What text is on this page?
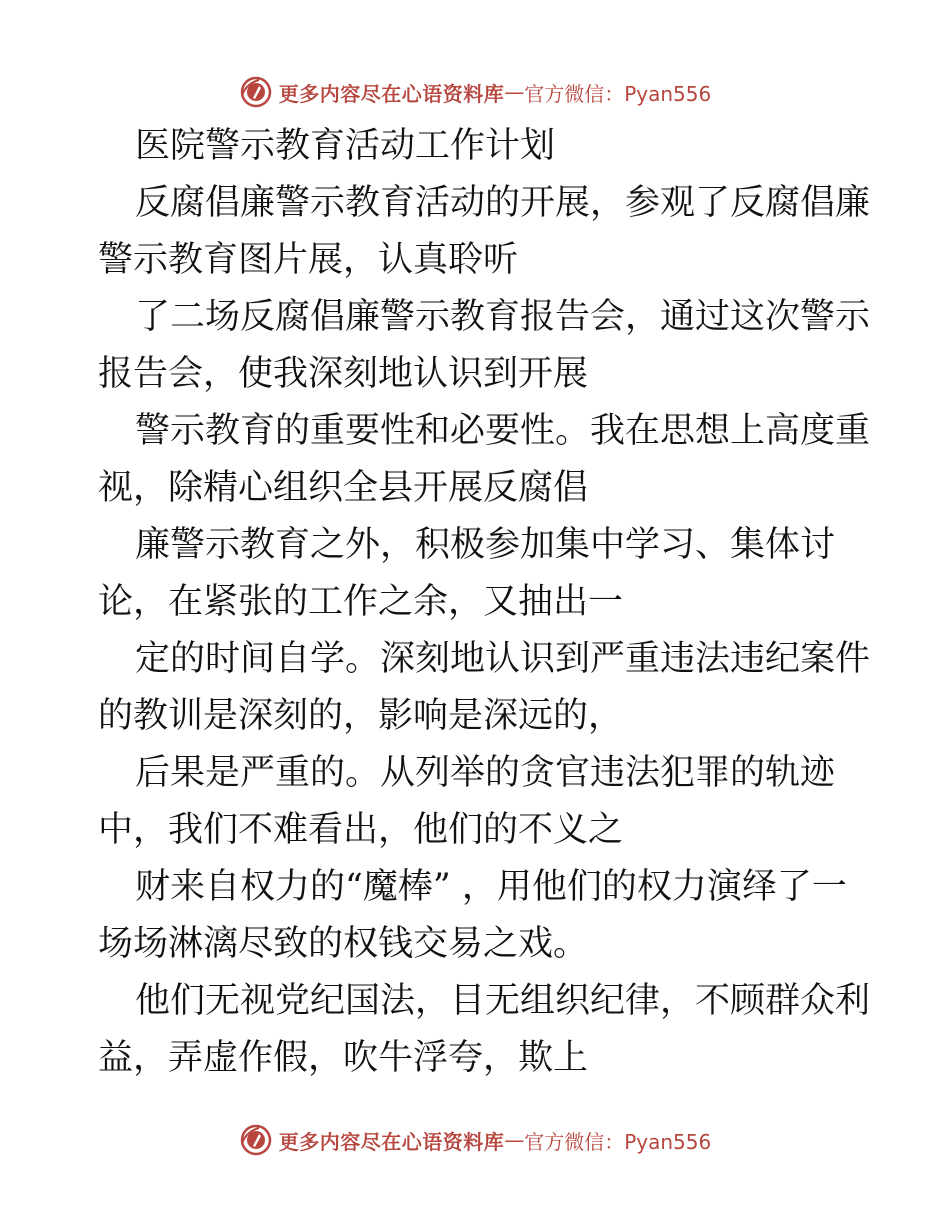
更多内容尽在心语资料库 — 官方微信：Pyan556
医院警示教育活动工作计划
反腐倡廉警示教育活动的开展，参观了反腐倡廉
警示教育图片展，认真聆听
了二场反腐倡廉警示教育报告会，通过这次警示
报告会，使我深刻地认识到开展
警示教育的重要性和必要性。我在思想上高度重
视，除精心组织全县开展反腐倡
廉警示教育之外，积极参加集中学习、集体讨
论，在紧张的工作之余，又抽出一
定的时间自学。深刻地认识到严重违法违纪案件
的教训是深刻的，影响是深远的，
后果是严重的。从列举的贪官违法犯罪的轨迹
中，我们不难看出，他们的不义之
财来自权力的“魔棒” ，用他们的权力演绎了一
场场淋漓尽致的权钱交易之戏。
他们无视党纪国法，目无组织纪律，不顾群众利
益，弄虚作假，吹牛浮夸，欺上
更多内容尽在心语资料库 — 官方微信：Pyan556
